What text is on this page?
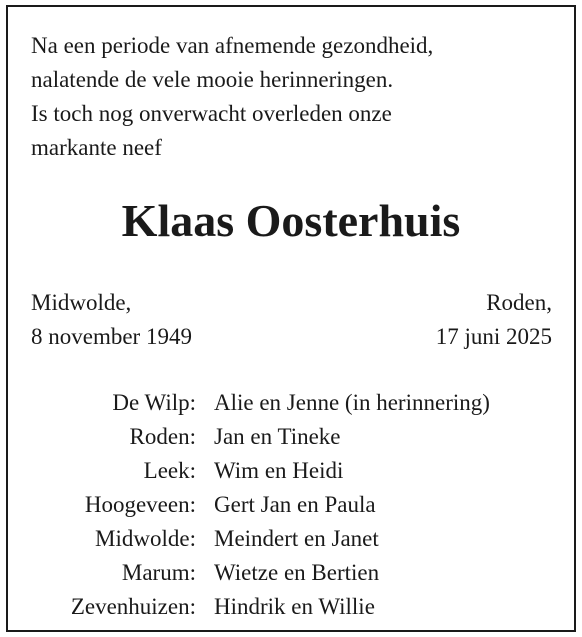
Na een periode van afnemende gezondheid,
nalatende de vele mooie herinneringen.
Is toch nog onverwacht overleden onze
markante neef
Klaas Oosterhuis
Midwolde,
8 november 1949
Roden,
17 juni 2025
De Wilp: Alie en Jenne (in herinnering)
Roden: Jan en Tineke
Leek: Wim en Heidi
Hoogeveen: Gert Jan en Paula
Midwolde: Meindert en Janet
Marum: Wietze en Bertien
Zevenhuizen: Hindrik en Willie
